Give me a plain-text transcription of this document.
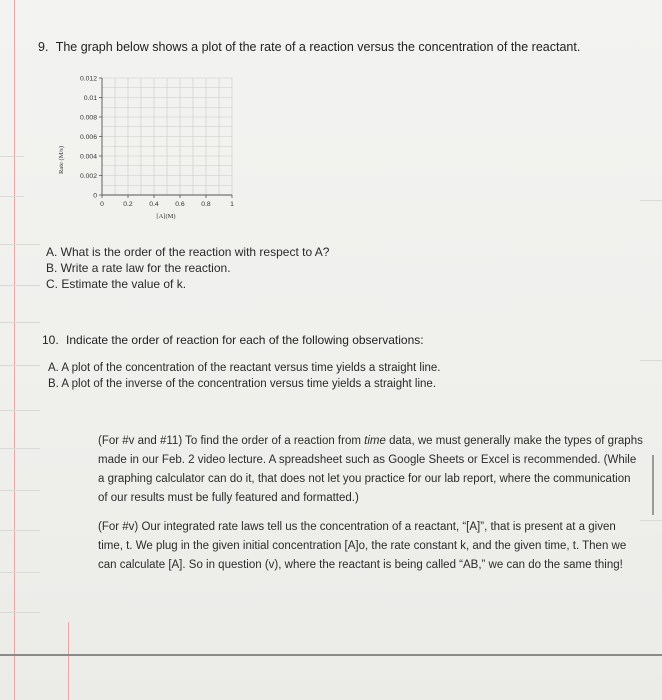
9. The graph below shows a plot of the rate of a reaction versus the concentration of the reactant.
0
0.002
0.004
0.006
0.008
0.01
0.012
0	0.2 0.4 0.6 0.8	1
Rate (M/s)
[A](M)
A. What is the order of the reaction with respect to A?
B. Write a rate law for the reaction.
C. Estimate the value of k.
10. Indicate the order of reaction for each of the following observations:
A. A plot of the concentration of the reactant versus time yields a straight line.
B. A plot of the inverse of the concentration versus time yields a straight line.
(For #v and #11) To find the order of a reaction from time data, we must generally make the types of graphs made in our Feb. 2 video lecture. A spreadsheet such as Google Sheets or Excel is recommended. (While a graphing calculator can do it, that does not let you practice for our lab report, where the communication of our results must be fully featured and formatted.)
(For #v) Our integrated rate laws tell us the concentration of a reactant, “[A]”, that is present at a given time, t. We plug in the given initial concentration [A]o, the rate constant k, and the given time, t. Then we can calculate [A]. So in question (v), where the reactant is being called “AB,” we can do the same thing!
